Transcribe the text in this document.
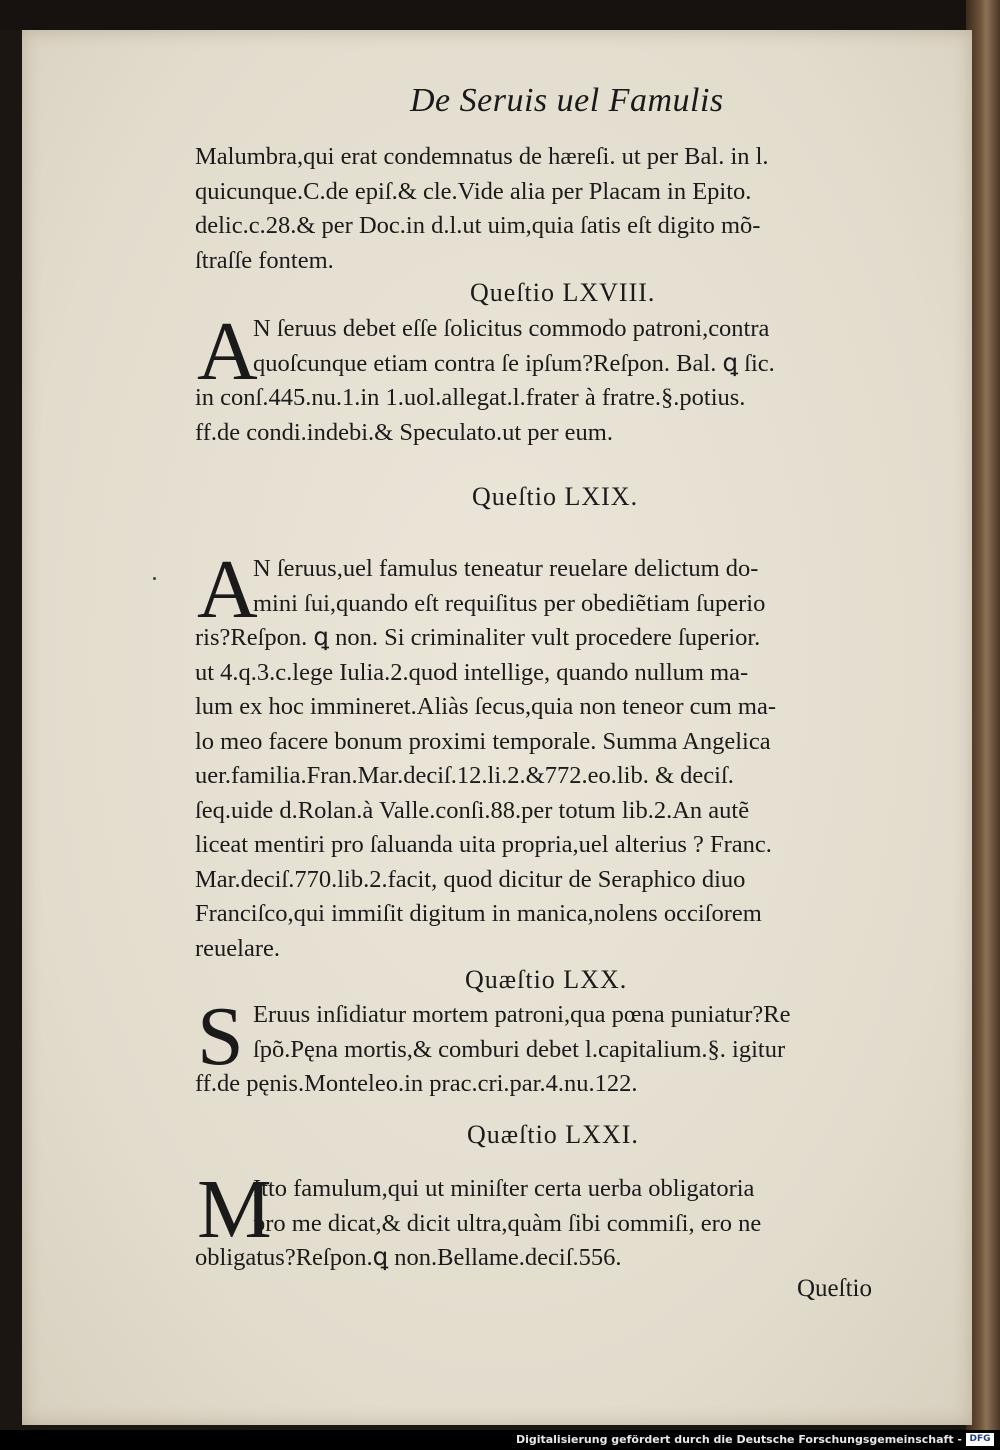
De Seruis uel Famulis
Malumbra,qui erat condemnatus de hæreſi. ut per Bal. in l.
quicunque.C.de epiſ.& cle.Vide alia per Placam in Epito.
delic.c.28.& per Doc.in d.l.ut uim,quia ſatis eſt digito mõ-
ſtraſſe fontem.
Queſtio LXVIII.
A
N ſeruus debet eſſe ſolicitus commodo patroni,contra
quoſcunque etiam contra ſe ipſum?Reſpon. Bal. ꝗ ſic.
in conſ.445.nu.1.in 1.uol.allegat.l.frater à fratre.§.potius.
ff.de condi.indebi.& Speculato.ut per eum.
Queſtio LXIX.
A
N ſeruus,uel famulus teneatur reuelare delictum do-
mini ſui,quando eſt requiſitus per obediẽtiam ſuperio
ris?Reſpon. ꝗ non. Si criminaliter vult procedere ſuperior.
ut 4.q.3.c.lege Iulia.2.quod intellige, quando nullum ma-
lum ex hoc immineret.Aliàs ſecus,quia non teneor cum ma-
lo meo facere bonum proximi temporale. Summa Angelica
uer.familia.Fran.Mar.deciſ.12.li.2.&772.eo.lib. & deciſ.
ſeq.uide d.Rolan.à Valle.conſi.88.per totum lib.2.An autẽ
liceat mentiri pro ſaluanda uita propria,uel alterius ? Franc.
Mar.deciſ.770.lib.2.facit, quod dicitur de Seraphico diuo
Franciſco,qui immiſit digitum in manica,nolens occiſorem
reuelare.
Quæſtio LXX.
S Eruus inſidiatur mortem patroni,qua pœna puniatur?Re
ſpõ.Pęna mortis,& comburi debet l.capitalium.§. igitur
ff.de pęnis.Monteleo.in prac.cri.par.4.nu.122.
Quæſtio LXXI.
M
Itto famulum,qui ut miniſter certa uerba obligatoria
pro me dicat,& dicit ultra,quàm ſibi commiſi, ero ne
obligatus?Reſpon.ꝗ non.Bellame.deciſ.556.
Queſtio
Digitalisierung gefördert durch die Deutsche Forschungsgemeinschaft - DFG
